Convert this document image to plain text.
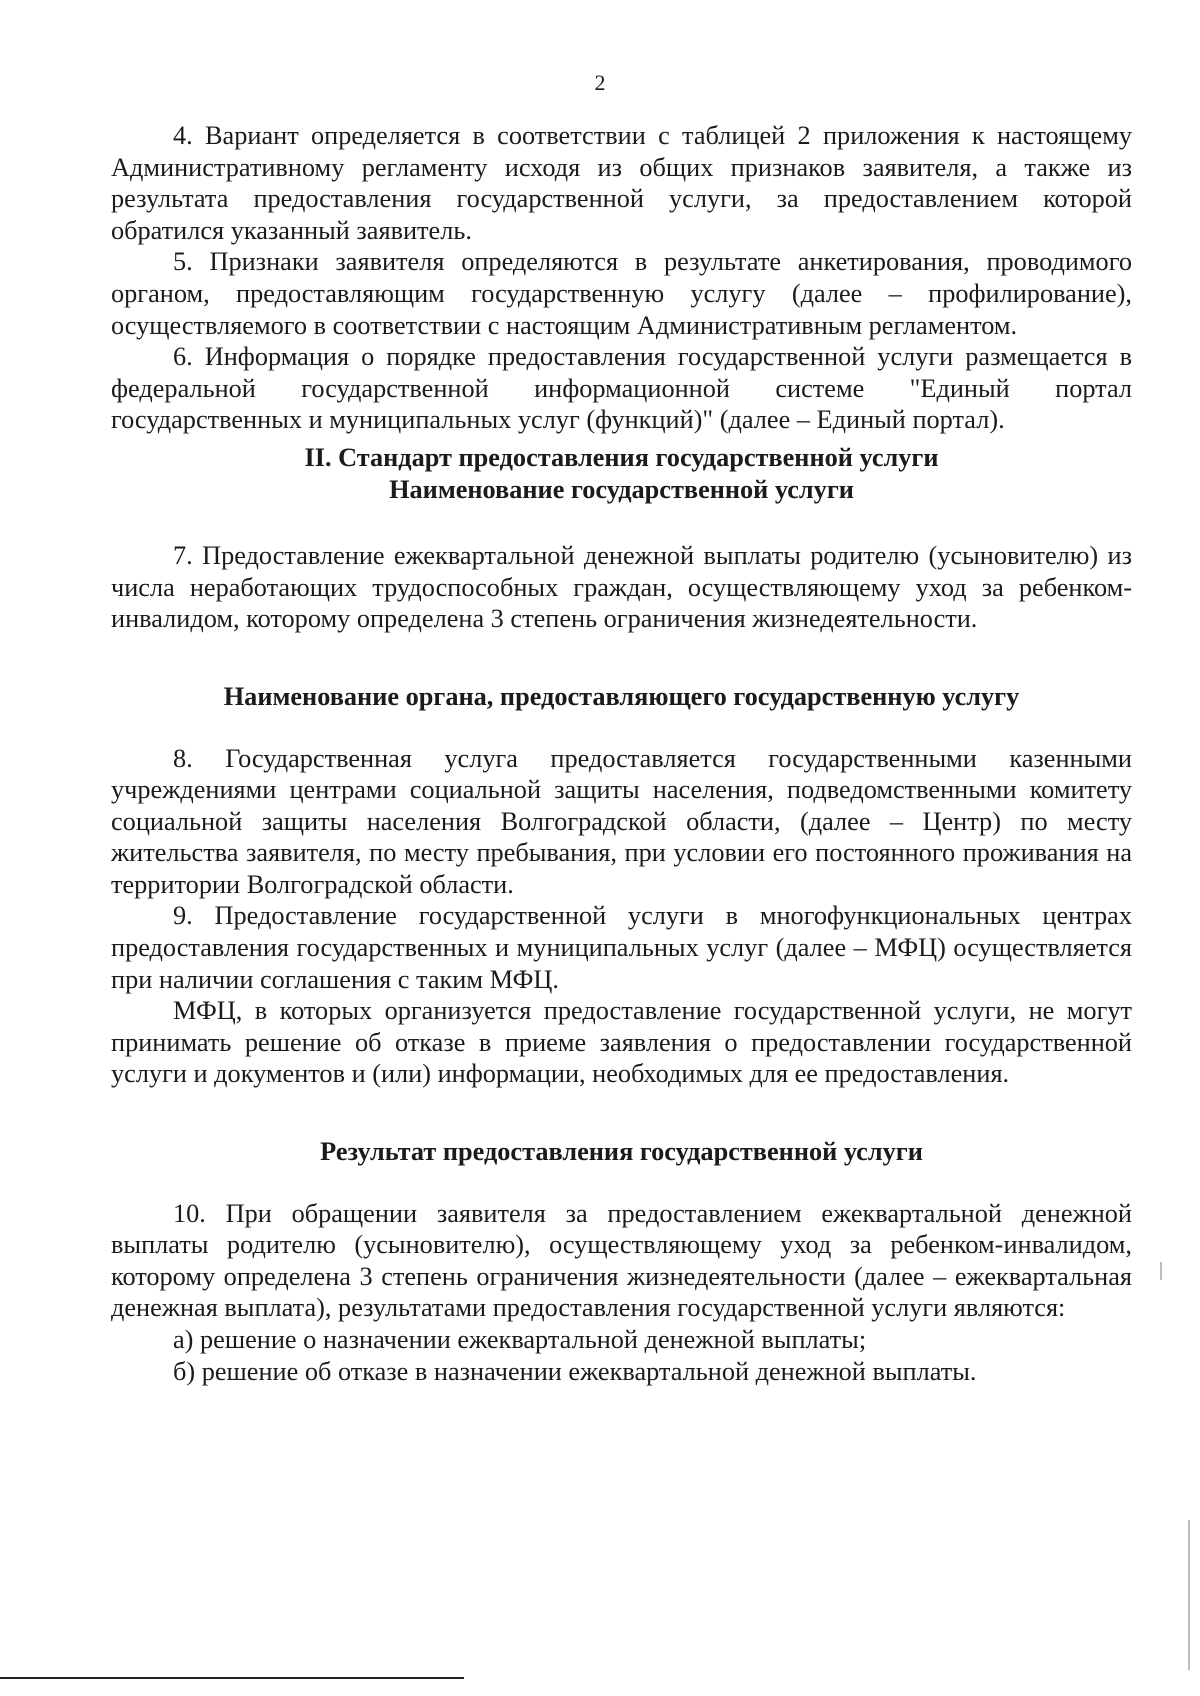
2

4. Вариант определяется в соответствии с таблицей 2 приложения к настоящему Административному регламенту исходя из общих признаков заявителя, а также из результата предоставления государственной услуги, за предоставлением которой обратился указанный заявитель.

5. Признаки заявителя определяются в результате анкетирования, проводимого органом, предоставляющим государственную услугу (далее – профилирование), осуществляемого в соответствии с настоящим Административным регламентом.

6. Информация о порядке предоставления государственной услуги размещается в федеральной государственной информационной системе "Единый портал государственных и муниципальных услуг (функций)" (далее – Единый портал).

II. Стандарт предоставления государственной услуги
Наименование государственной услуги

7. Предоставление ежеквартальной денежной выплаты родителю (усыновителю) из числа неработающих трудоспособных граждан, осуществляющему уход за ребенком-инвалидом, которому определена 3 степень ограничения жизнедеятельности.

Наименование органа, предоставляющего государственную услугу

8. Государственная услуга предоставляется государственными казенными учреждениями центрами социальной защиты населения, подведомственными комитету социальной защиты населения Волгоградской области, (далее – Центр) по месту жительства заявителя, по месту пребывания, при условии его постоянного проживания на территории Волгоградской области.

9. Предоставление государственной услуги в многофункциональных центрах предоставления государственных и муниципальных услуг (далее – МФЦ) осуществляется при наличии соглашения с таким МФЦ.

МФЦ, в которых организуется предоставление государственной услуги, не могут принимать решение об отказе в приеме заявления о предоставлении государственной услуги и документов и (или) информации, необходимых для ее предоставления.

Результат предоставления государственной услуги

10. При обращении заявителя за предоставлением ежеквартальной денежной выплаты родителю (усыновителю), осуществляющему уход за ребенком-инвалидом, которому определена 3 степень ограничения жизнедеятельности (далее – ежеквартальная денежная выплата), результатами предоставления государственной услуги являются:

а) решение о назначении ежеквартальной денежной выплаты;

б) решение об отказе в назначении ежеквартальной денежной выплаты.
